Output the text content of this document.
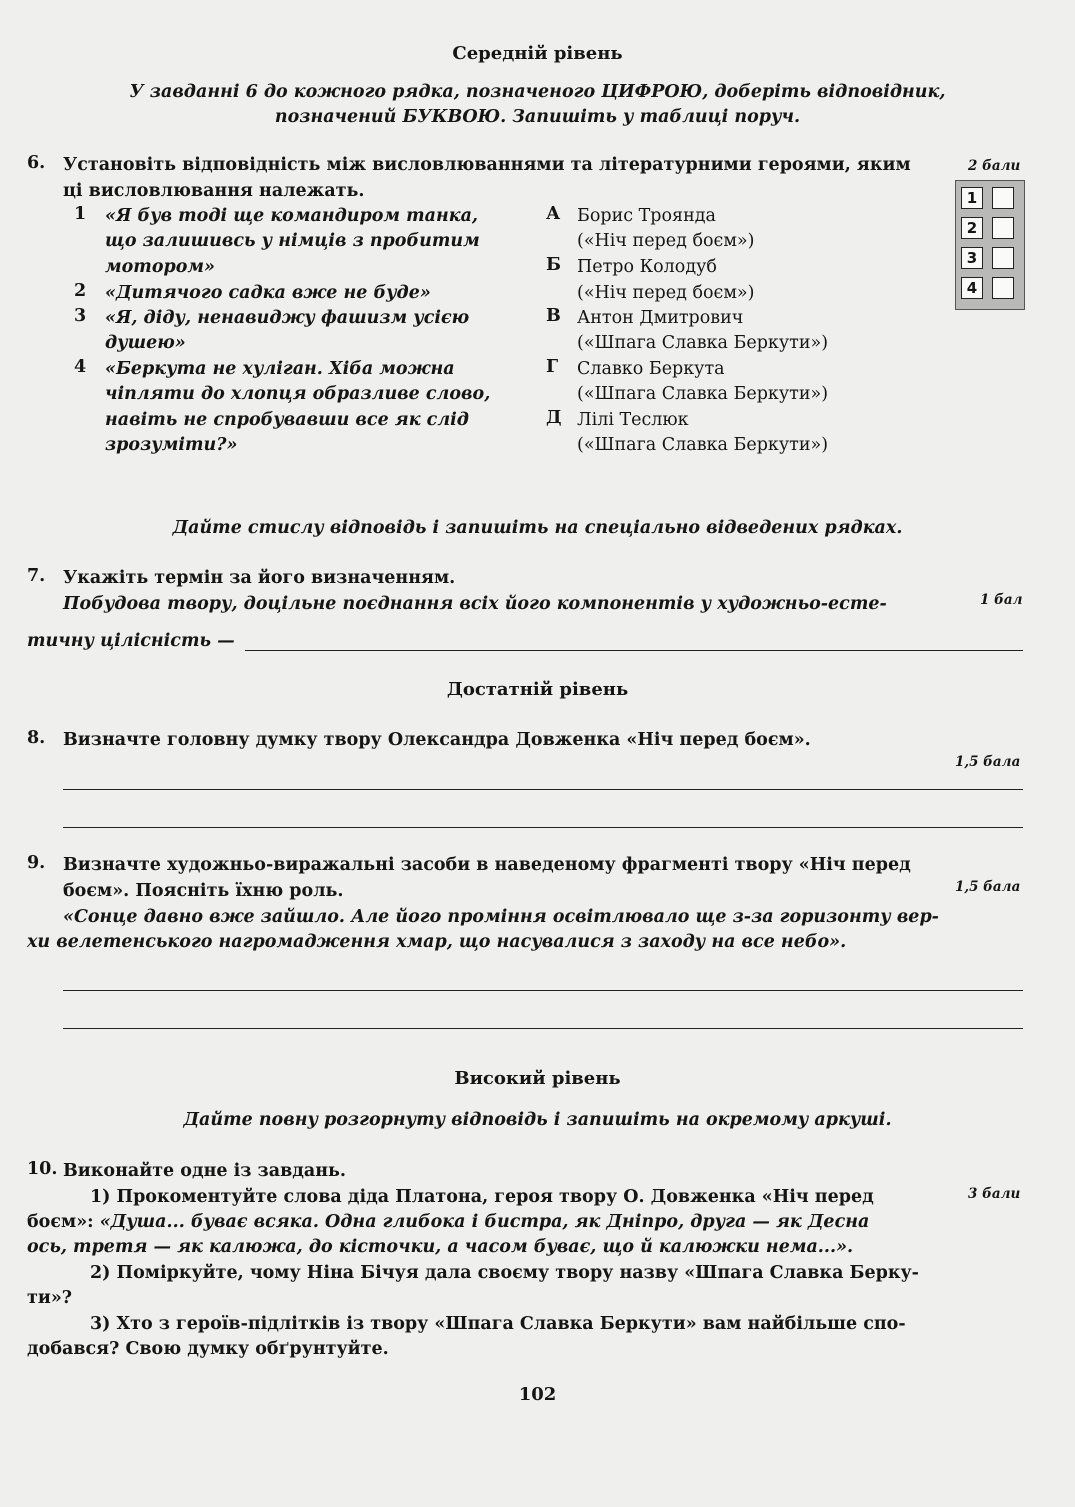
Середній рівень
У завданні 6 до кожного рядка, позначеного ЦИФРОЮ, доберіть відповідник,
позначений БУКВОЮ. Запишіть у таблиці поруч.
6. Установіть відповідність між висловлюваннями та літературними героями, яким
ці висловлювання належать.
2 бали
1 «Я був тоді ще командиром танка,
що залишивсь у німців з пробитим
мотором»
2 «Дитячого садка вже не буде»
3 «Я, діду, ненавиджу фашизм усією
душею»
4 «Беркута не хуліган. Хіба можна
чіпляти до хлопця образливе слово,
навіть не спробувавши все як слід
зрозуміти?»
А Борис Троянда
(«Ніч перед боєм»)
Б Петро Колодуб
(«Ніч перед боєм»)
В Антон Дмитрович
(«Шпага Славка Беркути»)
Г Славко Беркута
(«Шпага Славка Беркути»)
Д Лілі Теслюк
(«Шпага Славка Беркути»)
1
2
3
4
Дайте стислу відповідь і запишіть на спеціально відведених рядках.
7. Укажіть термін за його визначенням.
Побудова твору, доцільне поєднання всіх його компонентів у художньо-есте-	1 бал
тичну цілісність —
Достатній рівень
8. Визначте головну думку твору Олександра Довженка «Ніч перед боєм».
1,5 бала
9. Визначте художньо-виражальні засоби в наведеному фрагменті твору «Ніч перед
боєм». Поясніть їхню роль.	1,5 бала
«Сонце давно вже зайшло. Але його проміння освітлювало ще з-за горизонту вер-
хи велетенського нагромадження хмар, що насувалися з заходу на все небо».
Високий рівень
Дайте повну розгорнуту відповідь і запишіть на окремому аркуші.
10. Виконайте одне із завдань.
3 бали
1) Прокоментуйте слова діда Платона, героя твору О. Довженка «Ніч перед
боєм»: «Душа... буває всяка. Одна глибока і бистра, як Дніпро, друга — як Десна
ось, третя — як калюжа, до кісточки, а часом буває, що й калюжки нема...».
2) Поміркуйте, чому Ніна Бічуя дала своєму твору назву «Шпага Славка Берку-
ти»?
3) Хто з героїв-підлітків із твору «Шпага Славка Беркути» вам найбільше спо-
добався? Свою думку обґрунтуйте.
102
